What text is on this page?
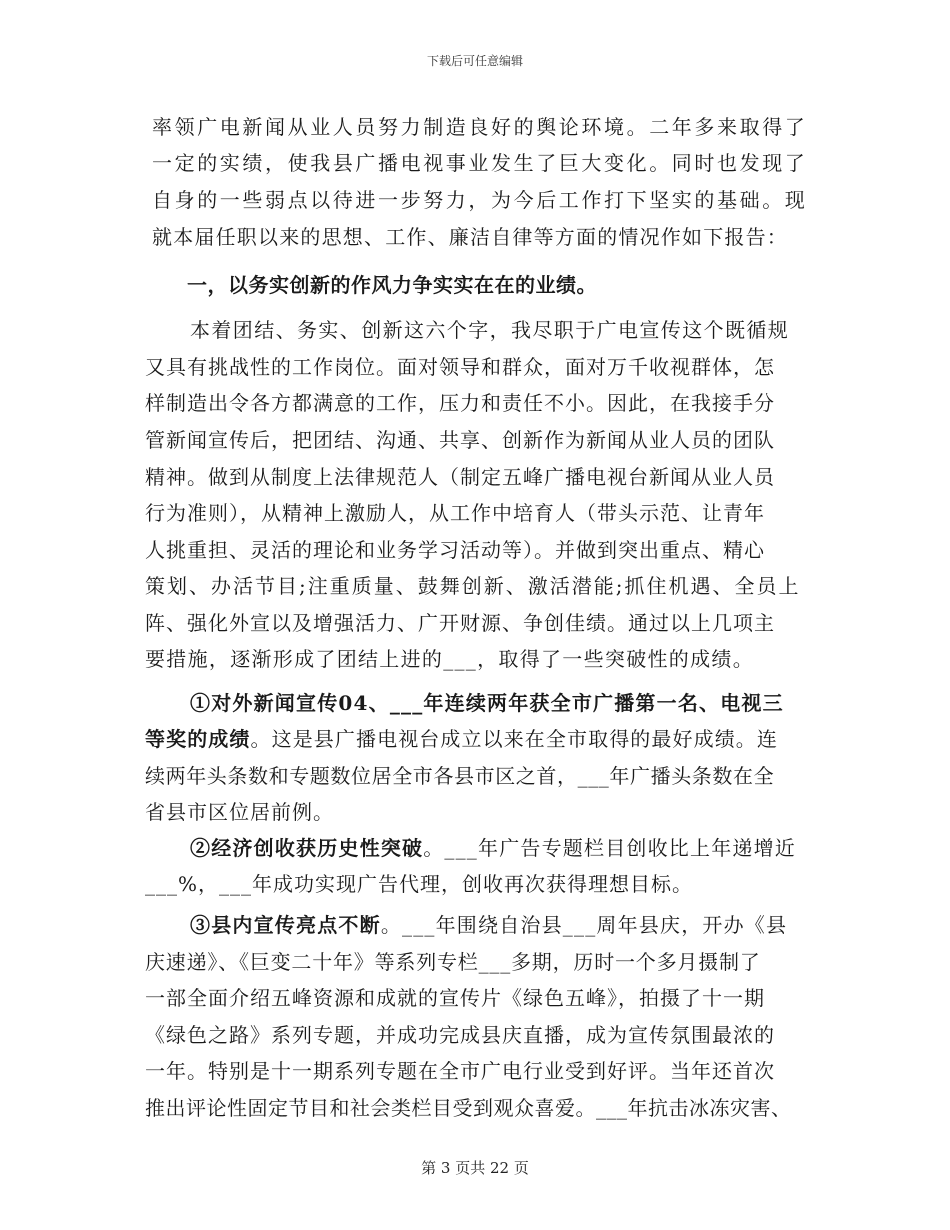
下载后可任意编辑
率领广电新闻从业人员努力制造良好的舆论环境。二年多来取得了
一定的实绩，使我县广播电视事业发生了巨大变化。同时也发现了
自身的一些弱点以待进一步努力，为今后工作打下坚实的基础。现
就本届任职以来的思想、工作、廉洁自律等方面的情况作如下报告：
一，以务实创新的作风力争实实在在的业绩。
本着团结、务实、创新这六个字，我尽职于广电宣传这个既循规
又具有挑战性的工作岗位。面对领导和群众，面对万千收视群体，怎
样制造出令各方都满意的工作，压力和责任不小。因此，在我接手分
管新闻宣传后，把团结、沟通、共享、创新作为新闻从业人员的团队
精神。做到从制度上法律规范人（制定五峰广播电视台新闻从业人员
行为准则），从精神上激励人，从工作中培育人（带头示范、让青年
人挑重担、灵活的理论和业务学习活动等）。并做到突出重点、精心
策划、办活节目;注重质量、鼓舞创新、激活潜能;抓住机遇、全员上
阵、强化外宣以及增强活力、广开财源、争创佳绩。通过以上几项主
要措施，逐渐形成了团结上进的___，取得了一些突破性的成绩。
①对外新闻宣传04、___年连续两年获全市广播第一名、电视三
等奖的成绩。这是县广播电视台成立以来在全市取得的最好成绩。连
续两年头条数和专题数位居全市各县市区之首，___年广播头条数在全
省县市区位居前例。
②经济创收获历史性突破。___年广告专题栏目创收比上年递增近
___%，___年成功实现广告代理，创收再次获得理想目标。
③县内宣传亮点不断。___年围绕自治县___周年县庆，开办《县
庆速递》、《巨变二十年》等系列专栏___多期，历时一个多月摄制了
一部全面介绍五峰资源和成就的宣传片《绿色五峰》，拍摄了十一期
《绿色之路》系列专题，并成功完成县庆直播，成为宣传氛围最浓的
一年。特别是十一期系列专题在全市广电行业受到好评。当年还首次
推出评论性固定节目和社会类栏目受到观众喜爱。___年抗击冰冻灾害、
第 3 页共 22 页
